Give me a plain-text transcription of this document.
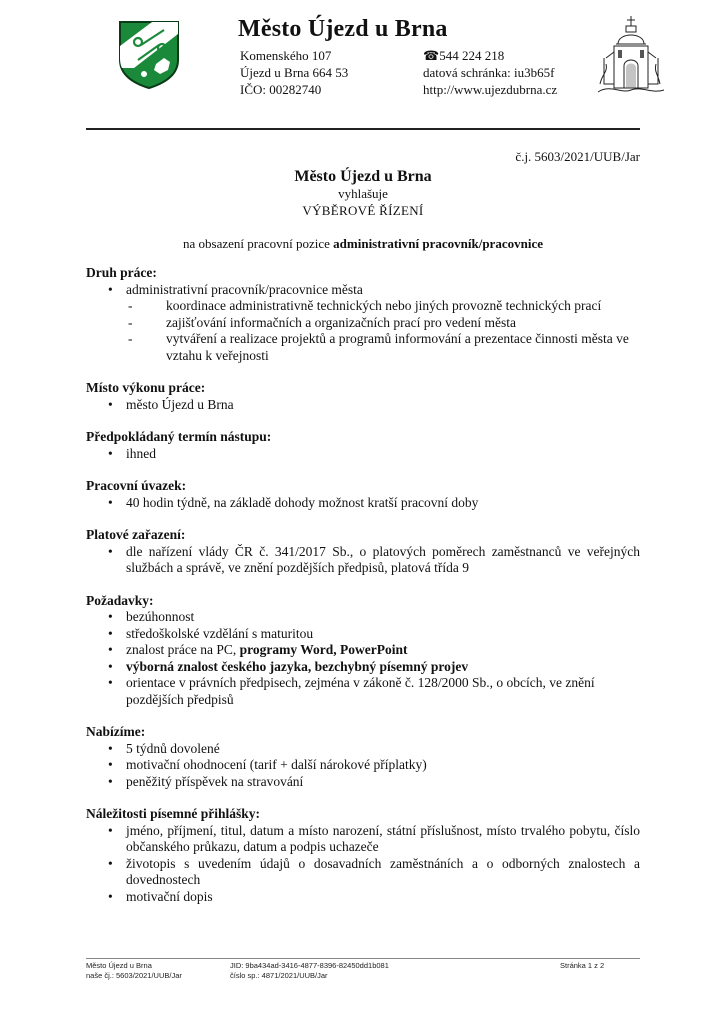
Město Újezd u Brna
Komenského 107
Újezd u Brna 664 53
IČO: 00282740
☎544 224 218
datová schránka: iu3b65f
http://www.ujezdubrna.cz
č.j. 5603/2021/UUB/Jar
Město Újezd u Brna
vyhlašuje
VÝBĚROVÉ ŘÍZENÍ
na obsazení pracovní pozice administrativní pracovník/pracovnice
Druh práce:
• administrativní pracovník/pracovnice města
- koordinace administrativně technických nebo jiných provozně technických prací
- zajišťování informačních a organizačních prací pro vedení města
- vytváření a realizace projektů a programů informování a prezentace činnosti města ve vztahu k veřejnosti
Místo výkonu práce:
• město Újezd u Brna
Předpokládaný termín nástupu:
• ihned
Pracovní úvazek:
• 40 hodin týdně, na základě dohody možnost kratší pracovní doby
Platové zařazení:
• dle nařízení vlády ČR č. 341/2017 Sb., o platových poměrech zaměstnanců ve veřejných službách a správě, ve znění pozdějších předpisů, platová třída 9
Požadavky:
• bezúhonnost
• středoškolské vzdělání s maturitou
• znalost práce na PC, programy Word, PowerPoint
• výborná znalost českého jazyka, bezchybný písemný projev
• orientace v právních předpisech, zejména v zákoně č. 128/2000 Sb., o obcích, ve znění pozdějších předpisů
Nabízíme:
• 5 týdnů dovolené
• motivační ohodnocení (tarif + další nárokové příplatky)
• peněžitý příspěvek na stravování
Náležitosti písemné přihlášky:
• jméno, příjmení, titul, datum a místo narození, státní příslušnost, místo trvalého pobytu, číslo občanského průkazu, datum a podpis uchazeče
• životopis s uvedením údajů o dosavadních zaměstnáních a o odborných znalostech a dovednostech
• motivační dopis
Město Újezd u Brna
naše čj.: 5603/2021/UUB/Jar
JID: 9ba434ad-3416-4877-8396-82450dd1b081
číslo sp.: 4871/2021/UUB/Jar
Stránka 1 z 2
